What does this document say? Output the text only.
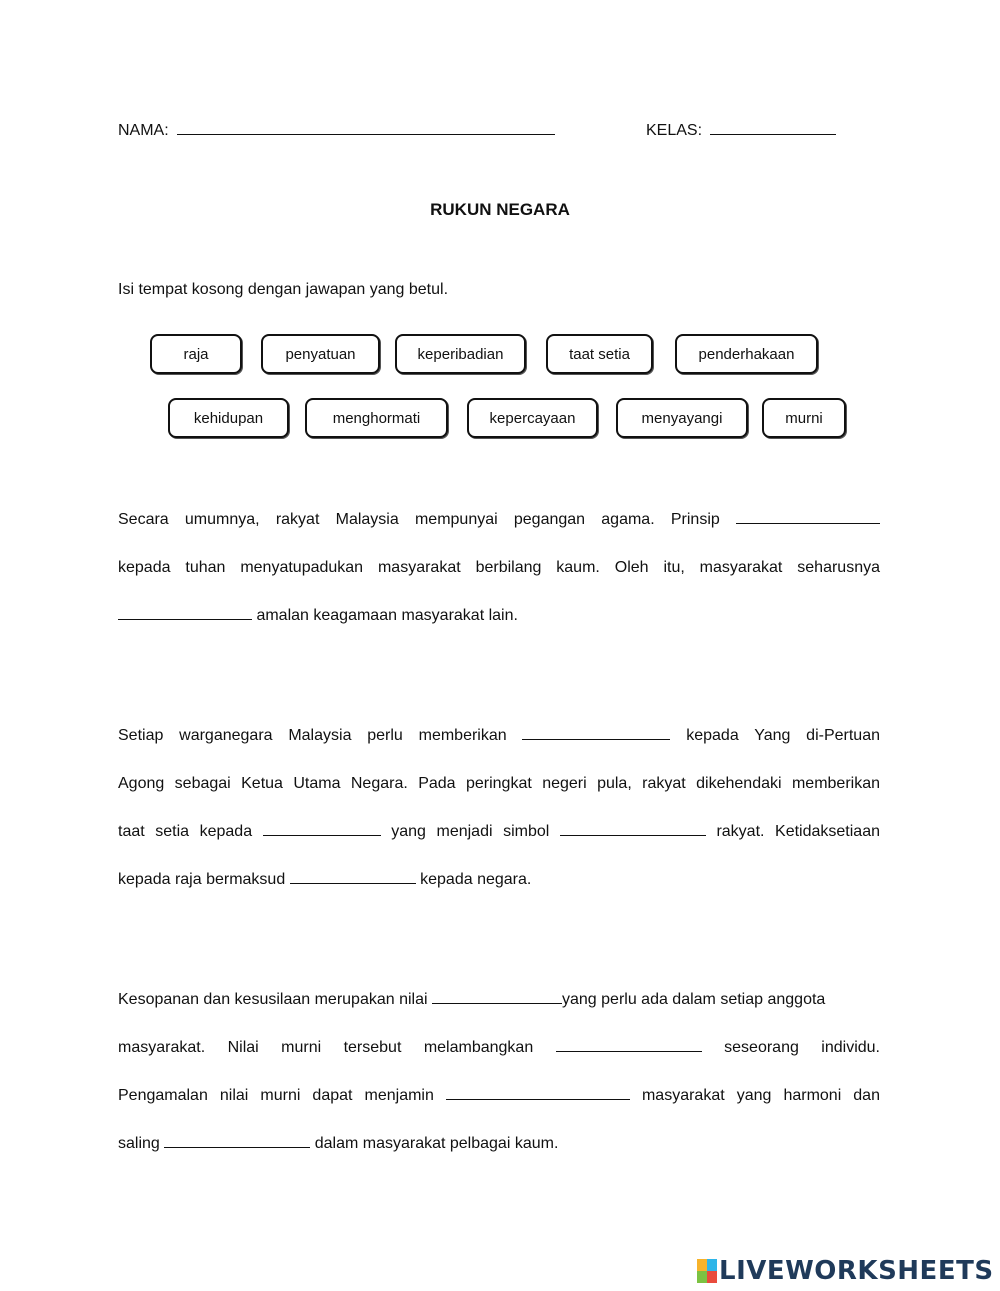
NAMA:	KELAS:
RUKUN NEGARA
Isi tempat kosong dengan jawapan yang betul.
raja	penyatuan	keperibadian	taat setia	penderhakaan
kehidupan	menghormati	kepercayaan	menyayangi	murni
Secara umumnya, rakyat Malaysia mempunyai pegangan agama. Prinsip
kepada tuhan menyatupadukan masyarakat berbilang kaum. Oleh itu, masyarakat seharusnya
amalan keagamaan masyarakat lain.
Setiap warganegara Malaysia perlu memberikan	kepada Yang di-Pertuan
Agong sebagai Ketua Utama Negara. Pada peringkat negeri pula, rakyat dikehendaki memberikan
taat setia kepada	yang menjadi simbol	rakyat. Ketidaksetiaan
kepada raja bermaksud	kepada negara.
Kesopanan dan kesusilaan merupakan nilai	yang perlu ada dalam setiap anggota
masyarakat. Nilai murni tersebut melambangkan	seseorang individu.
Pengamalan nilai murni dapat menjamin	masyarakat yang harmoni dan
saling	dalam masyarakat pelbagai kaum.
LIVEWORKSHEETS
